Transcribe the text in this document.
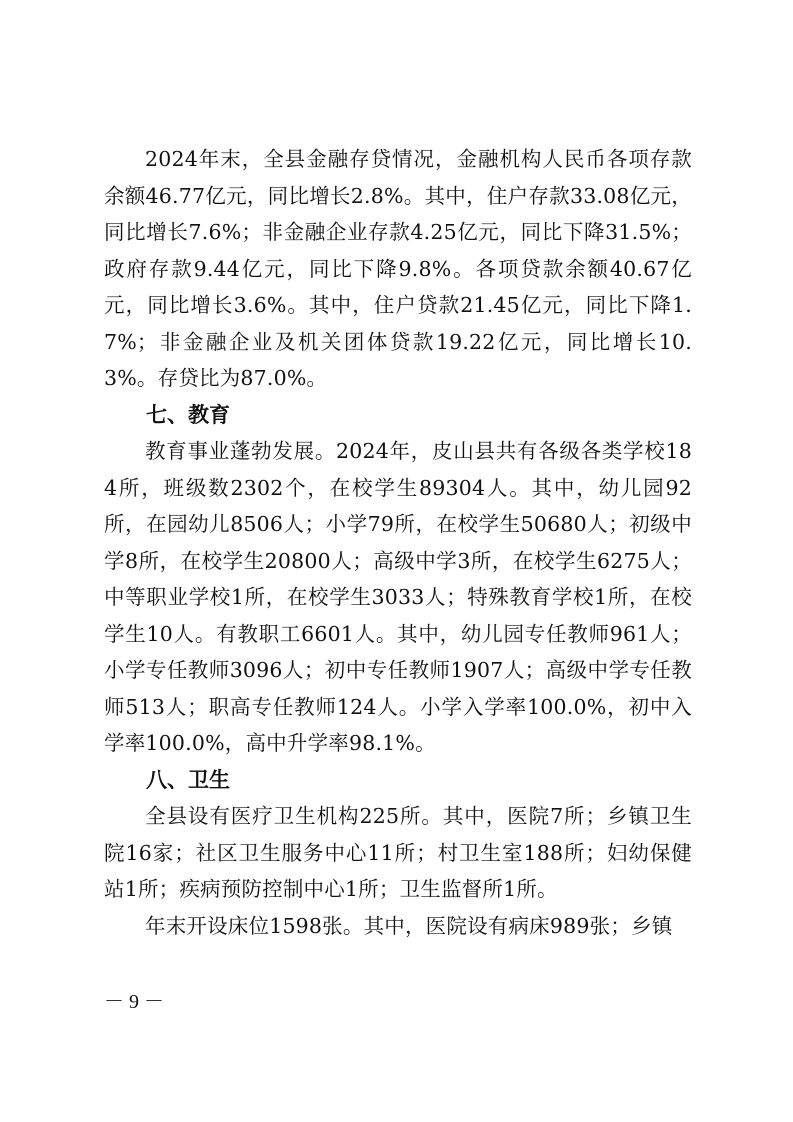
2024年末，全县金融存贷情况，金融机构人民币各项存款余额46.77亿元，同比增长2.8%。其中，住户存款33.08亿元，同比增长7.6%；非金融企业存款4.25亿元，同比下降31.5%；政府存款9.44亿元，同比下降9.8%。各项贷款余额40.67亿元，同比增长3.6%。其中，住户贷款21.45亿元，同比下降1.7%；非金融企业及机关团体贷款19.22亿元，同比增长10.3%。存贷比为87.0%。

七、教育

教育事业蓬勃发展。2024年，皮山县共有各级各类学校184所，班级数2302个，在校学生89304人。其中，幼儿园92所，在园幼儿8506人；小学79所，在校学生50680人；初级中学8所，在校学生20800人；高级中学3所，在校学生6275人；中等职业学校1所，在校学生3033人；特殊教育学校1所，在校学生10人。有教职工6601人。其中，幼儿园专任教师961人；小学专任教师3096人；初中专任教师1907人；高级中学专任教师513人；职高专任教师124人。小学入学率100.0%，初中入学率100.0%，高中升学率98.1%。

八、卫生

全县设有医疗卫生机构225所。其中，医院7所；乡镇卫生院16家；社区卫生服务中心11所；村卫生室188所；妇幼保健站1所；疾病预防控制中心1所；卫生监督所1所。

年末开设床位1598张。其中，医院设有病床989张；乡镇

－ 9 －
